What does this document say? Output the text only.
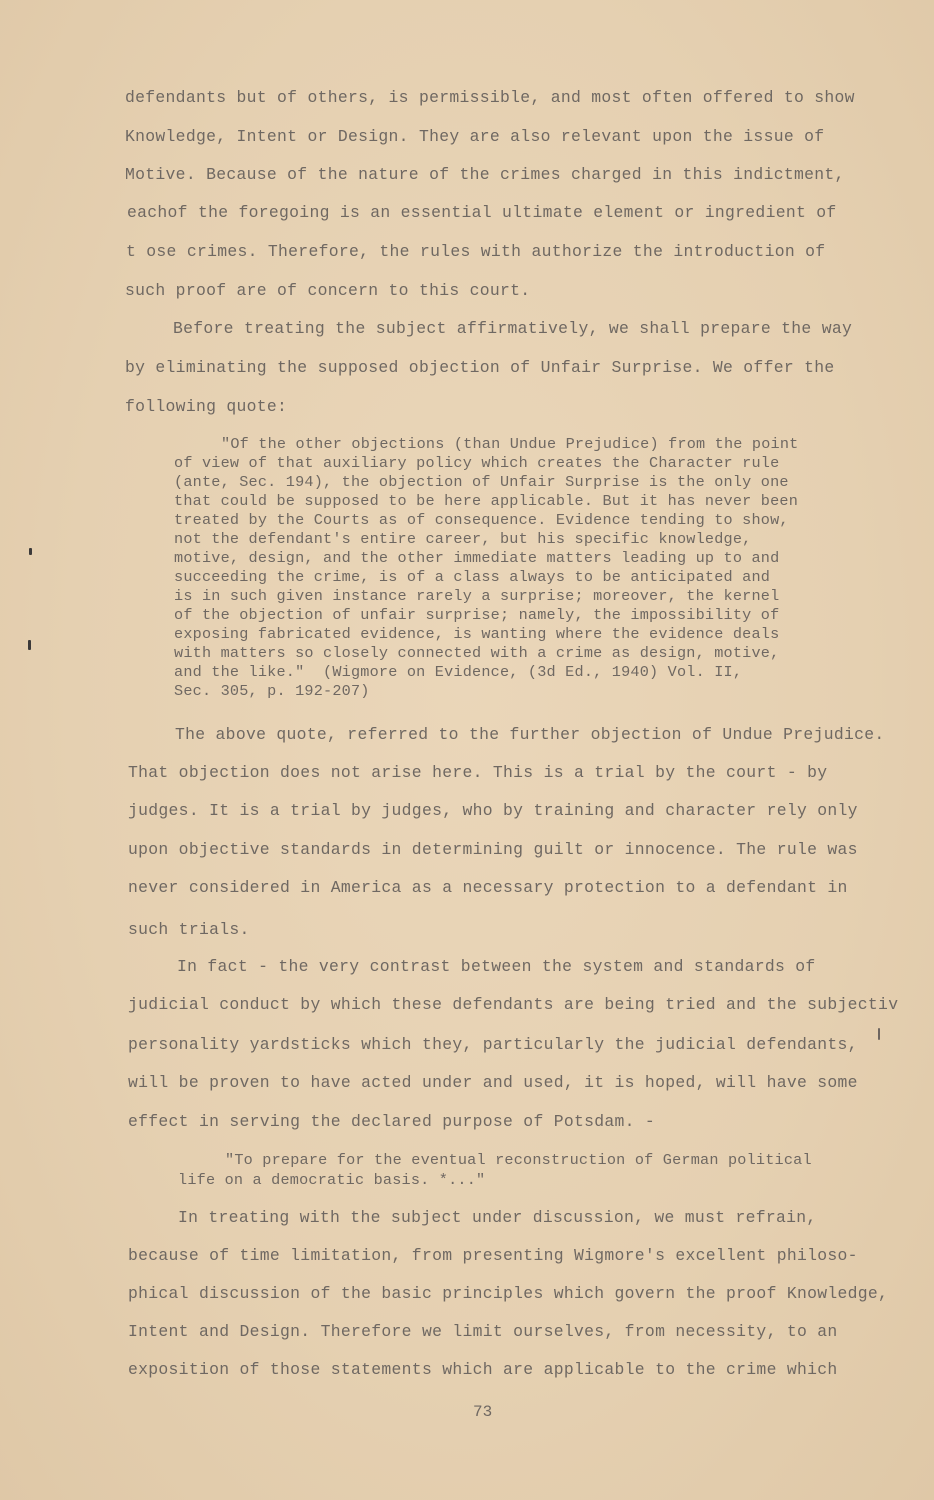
defendants but of others, is permissible, and most often offered to show
Knowledge, Intent or Design. They are also relevant upon the issue of
Motive. Because of the nature of the crimes charged in this indictment,
eachof the foregoing is an essential ultimate element or ingredient of
t ose crimes. Therefore, the rules with authorize the introduction of
such proof are of concern to this court.
Before treating the subject affirmatively, we shall prepare the way
by eliminating the supposed objection of Unfair Surprise. We offer the
following quote:
"Of the other objections (than Undue Prejudice) from the point
of view of that auxiliary policy which creates the Character rule
(ante, Sec. 194), the objection of Unfair Surprise is the only one
that could be supposed to be here applicable. But it has never been
treated by the Courts as of consequence. Evidence tending to show,
not the defendant's entire career, but his specific knowledge,
motive, design, and the other immediate matters leading up to and
succeeding the crime, is of a class always to be anticipated and
is in such given instance rarely a surprise; moreover, the kernel
of the objection of unfair surprise; namely, the impossibility of
exposing fabricated evidence, is wanting where the evidence deals
with matters so closely connected with a crime as design, motive,
and the like."  (Wigmore on Evidence, (3d Ed., 1940) Vol. II,
Sec. 305, p. 192-207)
The above quote, referred to the further objection of Undue Prejudice.
That objection does not arise here. This is a trial by the court - by
judges. It is a trial by judges, who by training and character rely only
upon objective standards in determining guilt or innocence. The rule was
never considered in America as a necessary protection to a defendant in
such trials.
In fact - the very contrast between the system and standards of
judicial conduct by which these defendants are being tried and the subjectiv
personality yardsticks which they, particularly the judicial defendants,
will be proven to have acted under and used, it is hoped, will have some
effect in serving the declared purpose of Potsdam. -
"To prepare for the eventual reconstruction of German political
life on a democratic basis. *..."
In treating with the subject under discussion, we must refrain,
because of time limitation, from presenting Wigmore's excellent philoso-
phical discussion of the basic principles which govern the proof Knowledge,
Intent and Design. Therefore we limit ourselves, from necessity, to an
exposition of those statements which are applicable to the crime which
73
